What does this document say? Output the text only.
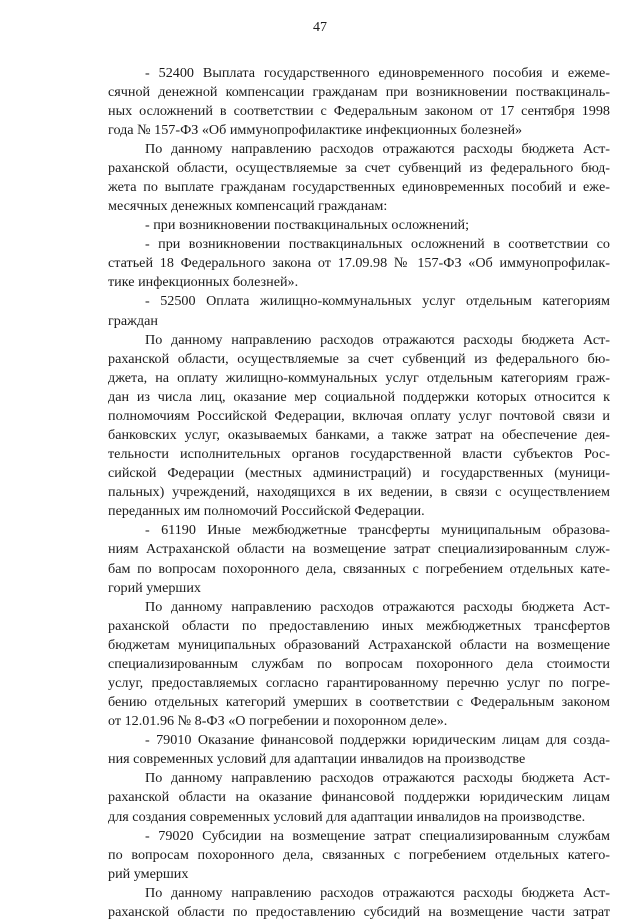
47
- 52400 Выплата государственного единовременного пособия и ежеме-
сячной денежной компенсации гражданам при возникновении поствакциналь-
ных осложнений в соответствии с Федеральным законом от 17 сентября 1998
года № 157-ФЗ «Об иммунопрофилактике инфекционных болезней»
По данному направлению расходов отражаются расходы бюджета Аст-
раханской области, осуществляемые за счет субвенций из федерального бюд-
жета по выплате гражданам государственных единовременных пособий и ежe-
месячных денежных компенсаций гражданам:
- при возникновении поствакцинальных осложнений;
- при возникновении поствакцинальных осложнений в соответствии со
статьей 18 Федерального закона от 17.09.98 № 157-ФЗ «Об иммунопрофилак-
тике инфекционных болезней».
- 52500 Оплата жилищно-коммунальных услуг отдельным категориям
граждан
По данному направлению расходов отражаются расходы бюджета Аст-
раханской области, осуществляемые за счет субвенций из федерального бю-
джета, на оплату жилищно-коммунальных услуг отдельным категориям граж-
дан из числа лиц, оказание мер социальной поддержки которых относится к
полномочиям Российской Федерации, включая оплату услуг почтовой связи и
банковских услуг, оказываемых банками, а также затрат на обеспечение дея-
тельности исполнительных органов государственной власти субъектов Рос-
сийской Федерации (местных администраций) и государственных (муници-
пальных) учреждений, находящихся в их ведении, в связи с осуществлением
переданных им полномочий Российской Федерации.
- 61190 Иные межбюджетные трансферты муниципальным образова-
ниям Астраханской области на возмещение затрат специализированным служ-
бам по вопросам похоронного дела, связанных с погребением отдельных кате-
горий умерших
По данному направлению расходов отражаются расходы бюджета Аст-
раханской области по предоставлению иных межбюджетных трансфертов
бюджетам муниципальных образований Астраханской области на возмещение
специализированным службам по вопросам похоронного дела стоимости
услуг, предоставляемых согласно гарантированному перечню услуг по погре-
бению отдельных категорий умерших в соответствии с Федеральным законом
от 12.01.96 № 8-ФЗ «О погребении и похоронном деле».
- 79010 Оказание финансовой поддержки юридическим лицам для созда-
ния современных условий для адаптации инвалидов на производстве
По данному направлению расходов отражаются расходы бюджета Аст-
раханской области на оказание финансовой поддержки юридическим лицам
для создания современных условий для адаптации инвалидов на производстве.
- 79020 Субсидии на возмещение затрат специализированным службам
по вопросам похоронного дела, связанных с погребением отдельных катего-
рий умерших
По данному направлению расходов отражаются расходы бюджета Аст-
раханской области по предоставлению субсидий на возмещение части затрат
